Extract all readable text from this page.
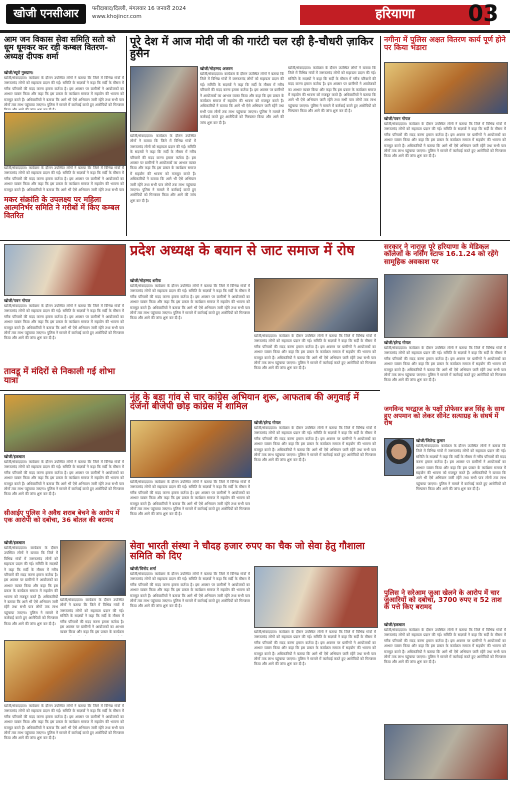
खोजी एनसीआर	फरीदाबाद/दिल्ली, मंगलवार 16 जनवरी 2024
www.khojincr.com	हरियाणा	03
आम जन विकास सेवा समिति सतो को धूम धूमकर कर रही कम्बल वितरण- अध्यक्ष दीपक शर्मा
खोजी/ब्यूरो गुरुग्राम।
खोजी/संवाददाता। कार्यक्रम के दौरान उपस्थित लोगों ने बताया कि जिले में विभिन्न गांवों में जरूरतमंद लोगों को सहायता प्रदान की गई। समिति के सदस्यों ने कहा कि सर्दी के मौसम में गरीब परिवारों की मदद करना हमारा कर्तव्य है। इस अवसर पर ग्रामीणों ने आयोजकों का आभार व्यक्त किया और कहा कि इस प्रकार के कार्यक्रम समाज में सहयोग की भावना को मजबूत करते हैं। अधिकारियों ने बताया कि आगे भी ऐसे अभियान जारी रहेंगे तथा सभी पात्र लोगों तक लाभ पहुंचाया जाएगा। पुलिस ने मामले में कार्रवाई करते हुए आरोपियों को गिरफ्तार
खोजी/संवाददाता। कार्यक्रम के दौरान उपस्थित लोगों ने बताया कि जिले में विभिन्न गांवों में जरूरतमंद लोगों को सहायता प्रदान की गई। समिति के सदस्यों ने कहा कि सर्दी के मौसम में गरीब परिवारों की मदद करना हमारा कर्तव्य है। इस अवसर पर ग्रामीणों ने आयोजकों का आभार व्यक्त किया और कहा कि इस प्रकार के कार्यक्रम समाज में सहयोग की भावना को मजबूत करते हैं। अधिकारियों ने बताया कि आगे भी ऐसे अभियान जारी रहेंगे तथा सभी पात्र
मकर संक्रांति के उपलक्ष्य पर महिला आत्मनिर्भर समिति ने गरीबों में किए कम्बल वितरित
पूरे देश में आज मोदी जी की गारंटी चल रही है-चौधरी ज़ाकिर हुसैन
खोजी/मोहम्मद अकरम
खोजी/संवाददाता। कार्यक्रम के दौरान उपस्थित लोगों ने बताया कि जिले में विभिन्न गांवों में जरूरतमंद लोगों को सहायता प्रदान की गई। समिति के सदस्यों ने कहा कि सर्दी के मौसम में गरीब परिवारों की मदद करना हमारा कर्तव्य है। इस अवसर पर ग्रामीणों ने आयोजकों का आभार व्यक्त किया और कहा कि इस प्रकार के कार्यक्रम समाज में सहयोग की भावना को मजबूत करते हैं। अधिकारियों ने बताया कि आगे भी ऐसे अभियान जारी रहेंगे तथा सभी पात्र लोगों तक लाभ पहुंचाया जाएगा। पुलिस ने मामले में कार्रवाई करते हुए आरोपियों को गिरफ्तार किया और आगे की जांच शुरू कर दी है।
खोजी/संवाददाता। कार्यक्रम के दौरान उपस्थित लोगों ने बताया कि जिले में विभिन्न गांवों में जरूरतमंद लोगों को सहायता प्रदान की गई। समिति के सदस्यों ने कहा कि सर्दी के मौसम में गरीब परिवारों की मदद करना हमारा कर्तव्य है। इस अवसर पर ग्रामीणों ने आयोजकों का आभार व्यक्त किया और कहा कि इस प्रकार के कार्यक्रम समाज में सहयोग की भावना को मजबूत करते हैं। अधिकारियों ने बताया कि आगे भी ऐसे अभियान जारी रहेंगे तथा सभी पात्र लोगों तक लाभ पहुंचाया जाएगा। पुलिस ने मामले में कार्रवाई करते हुए आरोपियों को गिरफ्तार किया और आगे की जांच शुरू कर दी है।
खोजी/संवाददाता। कार्यक्रम के दौरान उपस्थित लोगों ने बताया कि जिले में विभिन्न गांवों में जरूरतमंद लोगों को सहायता प्रदान की गई। समिति के सदस्यों ने कहा कि सर्दी के मौसम में गरीब परिवारों की मदद करना हमारा कर्तव्य है। इस अवसर पर ग्रामीणों ने आयोजकों का आभार व्यक्त किया और कहा कि इस प्रकार के कार्यक्रम समाज में सहयोग की भावना को मजबूत करते हैं। अधिकारियों ने बताया कि आगे भी ऐसे अभियान जारी रहेंगे तथा सभी पात्र लोगों तक लाभ पहुंचाया जाएगा। पुलिस ने मामले में कार्रवाई करते हुए आरोपियों को गिरफ्तार किया और आगे की जांच शुरू कर दी है।
नगीना में पुलिस अक्षत वितरण कार्य पूर्ण होने पर किया भंडारा
खोजी/पवन गोयल
खोजी/संवाददाता। कार्यक्रम के दौरान उपस्थित लोगों ने बताया कि जिले में विभिन्न गांवों में जरूरतमंद लोगों को सहायता प्रदान की गई। समिति के सदस्यों ने कहा कि सर्दी के मौसम में गरीब परिवारों की मदद करना हमारा कर्तव्य है। इस अवसर पर ग्रामीणों ने आयोजकों का आभार व्यक्त किया और कहा कि इस प्रकार के कार्यक्रम समाज में सहयोग की भावना को मजबूत करते हैं। अधिकारियों ने बताया कि आगे भी ऐसे अभियान जारी रहेंगे तथा सभी पात्र लोगों तक लाभ पहुंचाया जाएगा। पुलिस ने मामले में कार्रवाई करते हुए आरोपियों को गिरफ्तार किया और आगे की जांच शुरू कर दी है।
खोजी/पवन गोयल
खोजी/संवाददाता। कार्यक्रम के दौरान उपस्थित लोगों ने बताया कि जिले में विभिन्न गांवों में जरूरतमंद लोगों को सहायता प्रदान की गई। समिति के सदस्यों ने कहा कि सर्दी के मौसम में गरीब परिवारों की मदद करना हमारा कर्तव्य है। इस अवसर पर ग्रामीणों ने आयोजकों का आभार व्यक्त किया और कहा कि इस प्रकार के कार्यक्रम समाज में सहयोग की भावना को मजबूत करते हैं। अधिकारियों ने बताया कि आगे भी ऐसे अभियान जारी रहेंगे तथा सभी पात्र लोगों तक लाभ पहुंचाया जाएगा। पुलिस ने मामले में कार्रवाई करते हुए आरोपियों को गिरफ्तार किया और आगे की जांच शुरू कर दी है।
प्रदेश अध्यक्ष के बयान से जाट समाज में रोष
खोजी/मोहम्मद शरीफ
खोजी/संवाददाता। कार्यक्रम के दौरान उपस्थित लोगों ने बताया कि जिले में विभिन्न गांवों में जरूरतमंद लोगों को सहायता प्रदान की गई। समिति के सदस्यों ने कहा कि सर्दी के मौसम में गरीब परिवारों की मदद करना हमारा कर्तव्य है। इस अवसर पर ग्रामीणों ने आयोजकों का आभार व्यक्त किया और कहा कि इस प्रकार के कार्यक्रम समाज में सहयोग की भावना को मजबूत करते हैं। अधिकारियों ने बताया कि आगे भी ऐसे अभियान जारी रहेंगे तथा सभी पात्र लोगों तक लाभ पहुंचाया जाएगा। पुलिस ने मामले में कार्रवाई करते हुए आरोपियों को गिरफ्तार किया और आगे की जांच शुरू कर दी है।
खोजी/संवाददाता। कार्यक्रम के दौरान उपस्थित लोगों ने बताया कि जिले में विभिन्न गांवों में जरूरतमंद लोगों को सहायता प्रदान की गई। समिति के सदस्यों ने कहा कि सर्दी के मौसम में गरीब परिवारों की मदद करना हमारा कर्तव्य है। इस अवसर पर ग्रामीणों ने आयोजकों का आभार व्यक्त किया और कहा कि इस प्रकार के कार्यक्रम समाज में सहयोग की भावना को मजबूत करते हैं। अधिकारियों ने बताया कि आगे भी ऐसे अभियान जारी रहेंगे तथा सभी पात्र लोगों तक लाभ पहुंचाया जाएगा। पुलिस ने मामले में कार्रवाई करते हुए आरोपियों को गिरफ्तार किया और आगे की जांच शुरू कर दी है।
सरकार ने नाराज़ पूरे हरियाणा के मेडिकल कॉलेजों के नर्सिंग स्टाफ 16.1.24 को रहेंगे सामूहिक अवकाश पर
खोजी/हरेन्द्र गोयल
खोजी/संवाददाता। कार्यक्रम के दौरान उपस्थित लोगों ने बताया कि जिले में विभिन्न गांवों में जरूरतमंद लोगों को सहायता प्रदान की गई। समिति के सदस्यों ने कहा कि सर्दी के मौसम में गरीब परिवारों की मदद करना हमारा कर्तव्य है। इस अवसर पर ग्रामीणों ने आयोजकों का आभार व्यक्त किया और कहा कि इस प्रकार के कार्यक्रम समाज में सहयोग की भावना को मजबूत करते हैं। अधिकारियों ने बताया कि आगे भी ऐसे अभियान जारी रहेंगे तथा सभी पात्र लोगों तक लाभ पहुंचाया जाएगा। पुलिस ने मामले में कार्रवाई करते हुए आरोपियों को गिरफ्तार किया और आगे की जांच शुरू कर दी है।
तावडू में मंदिरों से निकाली गई शोभा यात्रा
खोजी/इकबाल
खोजी/संवाददाता। कार्यक्रम के दौरान उपस्थित लोगों ने बताया कि जिले में विभिन्न गांवों में जरूरतमंद लोगों को सहायता प्रदान की गई। समिति के सदस्यों ने कहा कि सर्दी के मौसम में गरीब परिवारों की मदद करना हमारा कर्तव्य है। इस अवसर पर ग्रामीणों ने आयोजकों का आभार व्यक्त किया और कहा कि इस प्रकार के कार्यक्रम समाज में सहयोग की भावना को मजबूत करते हैं। अधिकारियों ने बताया कि आगे भी ऐसे अभियान जारी रहेंगे तथा सभी पात्र लोगों तक लाभ पहुंचाया जाएगा। पुलिस ने मामले में कार्रवाई करते हुए आरोपियों को गिरफ्तार किया और आगे की जांच शुरू कर दी है।
नूंह के बड़ा गांव से चार कांग्रेस अभियान शुरू, आफताब की अगुवाई में दर्जनों बीजेपी छोड़ कांग्रेस में शामिल
खोजी/हरेन्द्र गोयल
खोजी/संवाददाता। कार्यक्रम के दौरान उपस्थित लोगों ने बताया कि जिले में विभिन्न गांवों में जरूरतमंद लोगों को सहायता प्रदान की गई। समिति के सदस्यों ने कहा कि सर्दी के मौसम में गरीब परिवारों की मदद करना हमारा कर्तव्य है। इस अवसर पर ग्रामीणों ने आयोजकों का आभार व्यक्त किया और कहा कि इस प्रकार के कार्यक्रम समाज में सहयोग की भावना को मजबूत करते हैं। अधिकारियों ने बताया कि आगे भी ऐसे अभियान जारी रहेंगे तथा सभी पात्र लोगों तक लाभ पहुंचाया जाएगा। पुलिस ने मामले में कार्रवाई करते हुए आरोपियों को गिरफ्तार किया और आगे की जांच शुरू कर दी है।
खोजी/संवाददाता। कार्यक्रम के दौरान उपस्थित लोगों ने बताया कि जिले में विभिन्न गांवों में जरूरतमंद लोगों को सहायता प्रदान की गई। समिति के सदस्यों ने कहा कि सर्दी के मौसम में गरीब परिवारों की मदद करना हमारा कर्तव्य है। इस अवसर पर ग्रामीणों ने आयोजकों का आभार व्यक्त किया और कहा कि इस प्रकार के कार्यक्रम समाज में सहयोग की भावना को मजबूत करते हैं। अधिकारियों ने बताया कि आगे भी ऐसे अभियान जारी रहेंगे तथा सभी पात्र लोगों तक लाभ पहुंचाया जाएगा। पुलिस ने मामले में कार्रवाई करते हुए आरोपियों को गिरफ्तार किया और आगे की जांच शुरू कर दी है।
जगविन्द भरद्वाज के पक्षों प्रोफेसर ब्रज सिंह के साथ हुए अपमान को लेकर सीनेट सत्याग्रह के संघर्ष में रोष
खोजी/जितेन्द्र कुमार
खोजी/संवाददाता। कार्यक्रम के दौरान उपस्थित लोगों ने बताया कि जिले में विभिन्न गांवों में जरूरतमंद लोगों को सहायता प्रदान की गई। समिति के सदस्यों ने कहा कि सर्दी के मौसम में गरीब परिवारों की मदद करना हमारा कर्तव्य है। इस अवसर पर ग्रामीणों ने आयोजकों का आभार व्यक्त किया और कहा कि इस प्रकार के कार्यक्रम समाज में सहयोग की भावना को मजबूत करते हैं। अधिकारियों ने बताया कि आगे भी ऐसे अभियान जारी रहेंगे तथा सभी पात्र लोगों तक लाभ पहुंचाया जाएगा। पुलिस ने मामले में कार्रवाई करते हुए आरोपियों को गिरफ्तार किया और आगे की जांच शुरू कर दी है।
सीआईए पुलिस ने अवैध शराब बेचने के आरोप में एक आरोपी को दबोचा, 36 बोतल की बरामद
खोजी/इकबाल
खोजी/संवाददाता। कार्यक्रम के दौरान उपस्थित लोगों ने बताया कि जिले में विभिन्न गांवों में जरूरतमंद लोगों को सहायता प्रदान की गई। समिति के सदस्यों ने कहा कि सर्दी के मौसम में गरीब परिवारों की मदद करना हमारा कर्तव्य है। इस अवसर पर ग्रामीणों ने आयोजकों का आभार व्यक्त किया और कहा कि इस प्रकार के कार्यक्रम समाज में सहयोग की भावना को मजबूत करते हैं। अधिकारियों ने बताया कि आगे भी ऐसे अभियान जारी रहेंगे तथा सभी पात्र लोगों तक लाभ पहुंचाया जाएगा। पुलिस ने मामले में कार्रवाई करते हुए आरोपियों को गिरफ्तार किया और आगे की जांच शुरू कर दी है।
खोजी/संवाददाता। कार्यक्रम के दौरान उपस्थित लोगों ने बताया कि जिले में विभिन्न गांवों में जरूरतमंद लोगों को सहायता प्रदान की गई। समिति के सदस्यों ने कहा कि सर्दी के मौसम में गरीब परिवारों की मदद करना हमारा कर्तव्य है। इस अवसर पर ग्रामीणों ने आयोजकों का आभार व्यक्त किया और कहा कि इस प्रकार के कार्यक्रम
सेवा भारती संस्था ने चौदह हजार रुपए का चैक जो सेवा हेतु गौशाला समिति को दिए
खोजी/विनोद शर्मा
खोजी/संवाददाता। कार्यक्रम के दौरान उपस्थित लोगों ने बताया कि जिले में विभिन्न गांवों में जरूरतमंद लोगों को सहायता प्रदान की गई। समिति के सदस्यों ने कहा कि सर्दी के मौसम में गरीब परिवारों की मदद करना हमारा कर्तव्य है। इस अवसर पर ग्रामीणों ने आयोजकों का आभार व्यक्त किया और कहा कि इस प्रकार के कार्यक्रम समाज में सहयोग की भावना को मजबूत करते हैं। अधिकारियों ने बताया कि आगे भी ऐसे अभियान जारी रहेंगे तथा सभी पात्र लोगों तक लाभ पहुंचाया जाएगा। पुलिस ने मामले में कार्रवाई करते हुए आरोपियों को गिरफ्तार किया और आगे की जांच शुरू कर दी है।
खोजी/संवाददाता। कार्यक्रम के दौरान उपस्थित लोगों ने बताया कि जिले में विभिन्न गांवों में जरूरतमंद लोगों को सहायता प्रदान की गई। समिति के सदस्यों ने कहा कि सर्दी के मौसम में गरीब परिवारों की मदद करना हमारा कर्तव्य है। इस अवसर पर ग्रामीणों ने आयोजकों का आभार व्यक्त किया और कहा कि इस प्रकार के कार्यक्रम समाज में सहयोग की भावना को मजबूत करते हैं। अधिकारियों ने बताया कि आगे भी ऐसे अभियान जारी रहेंगे तथा सभी पात्र लोगों तक लाभ पहुंचाया जाएगा। पुलिस ने मामले में कार्रवाई करते हुए आरोपियों को गिरफ्तार किया और आगे की जांच शुरू कर दी है।
पुलिस ने सरेआम जुआ खेलने के आरोप में चार जुआरियों को दबोचा, 3700 रुपए व 52 ताश के पत्ते किए बरामद
खोजी/इकबाल
खोजी/संवाददाता। कार्यक्रम के दौरान उपस्थित लोगों ने बताया कि जिले में विभिन्न गांवों में जरूरतमंद लोगों को सहायता प्रदान की गई। समिति के सदस्यों ने कहा कि सर्दी के मौसम में गरीब परिवारों की मदद करना हमारा कर्तव्य है। इस अवसर पर ग्रामीणों ने आयोजकों का आभार व्यक्त किया और कहा कि इस प्रकार के कार्यक्रम समाज में सहयोग की भावना को मजबूत करते हैं। अधिकारियों ने बताया कि आगे भी ऐसे अभियान जारी रहेंगे तथा सभी पात्र लोगों तक लाभ पहुंचाया जाएगा। पुलिस ने मामले में कार्रवाई करते हुए आरोपियों को गिरफ्तार किया और आगे की जांच शुरू कर दी है।
खोजी/संवाददाता। कार्यक्रम के दौरान उपस्थित लोगों ने बताया कि जिले में विभिन्न गांवों में जरूरतमंद लोगों को सहायता प्रदान की गई। समिति के सदस्यों ने कहा कि सर्दी के मौसम में गरीब परिवारों की मदद करना हमारा कर्तव्य है। इस अवसर पर ग्रामीणों ने आयोजकों का आभार व्यक्त किया और कहा कि इस प्रकार के कार्यक्रम समाज में सहयोग की भावना को मजबूत करते हैं। अधिकारियों ने बताया कि आगे भी ऐसे अभियान जारी रहेंगे तथा सभी पात्र लोगों तक लाभ पहुंचाया जाएगा। पुलिस ने मामले में कार्रवाई करते हुए आरोपियों को गिरफ्तार किया और आगे की जांच शुरू कर दी है।
